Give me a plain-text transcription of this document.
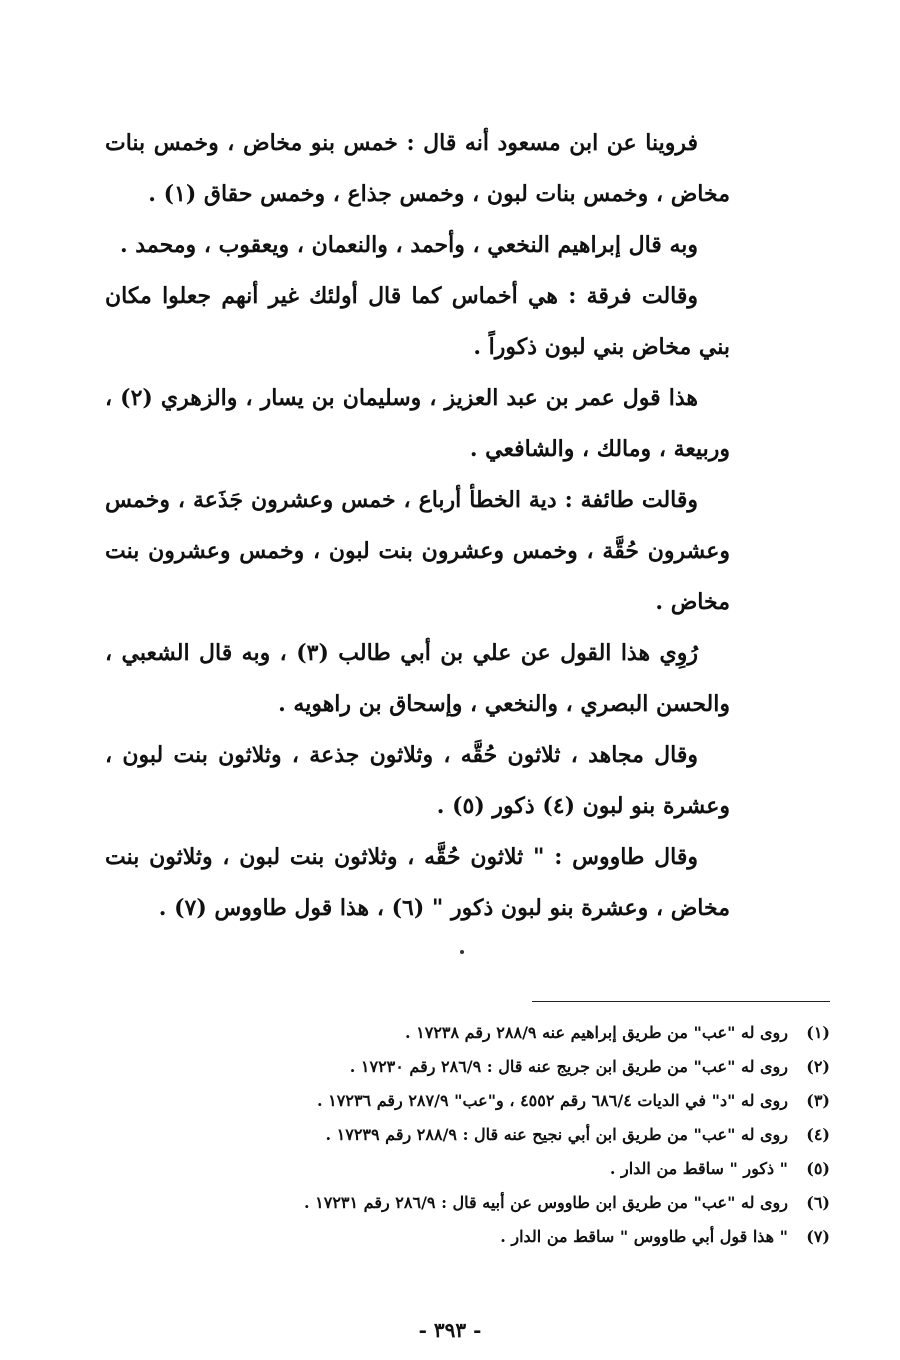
فروينا عن ابن مسعود أنه قال : خمس بنو مخاض ، وخمس بنات مخاض ، وخمس بنات لبون ، وخمس جذاع ، وخمس حقاق (١) .

وبه قال إبراهيم النخعي ، وأحمد ، والنعمان ، ويعقوب ، ومحمد .

وقالت فرقة : هي أخماس كما قال أولئك غير أنهم جعلوا مكان بني مخاض بني لبون ذكوراً .

هذا قول عمر بن عبد العزيز ، وسليمان بن يسار ، والزهري (٢) ، وربيعة ، ومالك ، والشافعي .

وقالت طائفة : دية الخطأ أرباع ، خمس وعشرون جَذَعة ، وخمس وعشرون حُقَّة ، وخمس وعشرون بنت لبون ، وخمس وعشرون بنت مخاض .

رُوِي هذا القول عن علي بن أبي طالب (٣) ، وبه قال الشعبي ، والحسن البصري ، والنخعي ، وإسحاق بن راهويه .

وقال مجاهد ، ثلاثون حُقَّه ، وثلاثون جذعة ، وثلاثون بنت لبون ، وعشرة بنو لبون (٤) ذكور (٥) .

وقال طاووس : " ثلاثون حُقَّه ، وثلاثون بنت لبون ، وثلاثون بنت مخاض ، وعشرة بنو لبون ذكور " (٦) ، هذا قول طاووس (٧) .

(١)
روى له "عب" من طريق إبراهيم عنه ٢٨٨/٩ رقم ١٧٢٣٨ .
(٢)
روى له "عب" من طريق ابن جريج عنه قال : ٢٨٦/٩ رقم ١٧٢٣٠ .
(٣)
روى له "د" في الديات ٦٨٦/٤ رقم ٤٥٥٢ ، و"عب" ٢٨٧/٩ رقم ١٧٢٣٦ .
(٤)
روى له "عب" من طريق ابن أبي نجيح عنه قال : ٢٨٨/٩ رقم ١٧٢٣٩ .
(٥)
" ذكور " ساقط من الدار .
(٦)
روى له "عب" من طريق ابن طاووس عن أبيه قال : ٢٨٦/٩ رقم ١٧٢٣١ .
(٧)
" هذا قول أبي طاووس " ساقط من الدار .
- ٣٩٣ -
